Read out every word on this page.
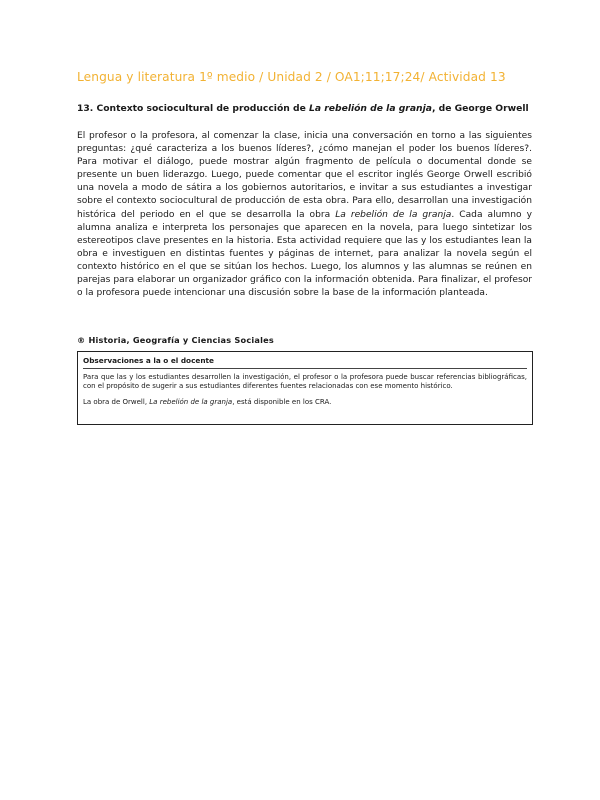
Lengua y literatura 1º medio / Unidad 2 / OA1;11;17;24/ Actividad 13
13. Contexto sociocultural de producción de La rebelión de la granja, de George Orwell

El profesor o la profesora, al comenzar la clase, inicia una conversación en torno a las siguientes preguntas: ¿qué caracteriza a los buenos líderes?, ¿cómo manejan el poder los buenos líderes?. Para motivar el diálogo, puede mostrar algún fragmento de película o documental donde se presente un buen liderazgo. Luego, puede comentar que el escritor inglés George Orwell escribió una novela a modo de sátira a los gobiernos autoritarios, e invitar a sus estudiantes a investigar sobre el contexto sociocultural de producción de esta obra. Para ello, desarrollan una investigación histórica del periodo en el que se desarrolla la obra La rebelión de la granja. Cada alumno y alumna analiza e interpreta los personajes que aparecen en la novela, para luego sintetizar los estereotipos clave presentes en la historia. Esta actividad requiere que las y los estudiantes lean la obra e investiguen en distintas fuentes y páginas de internet, para analizar la novela según el contexto histórico en el que se sitúan los hechos. Luego, los alumnos y las alumnas se reúnen en parejas para elaborar un organizador gráfico con la información obtenida. Para finalizar, el profesor o la profesora puede intencionar una discusión sobre la base de la información planteada.

® Historia, Geografía y Ciencias Sociales
Observaciones a la o el docente

Para que las y los estudiantes desarrollen la investigación, el profesor o la profesora puede buscar referencias bibliográficas, con el propósito de sugerir a sus estudiantes diferentes fuentes relacionadas con ese momento histórico.

La obra de Orwell, La rebelión de la granja, está disponible en los CRA.
